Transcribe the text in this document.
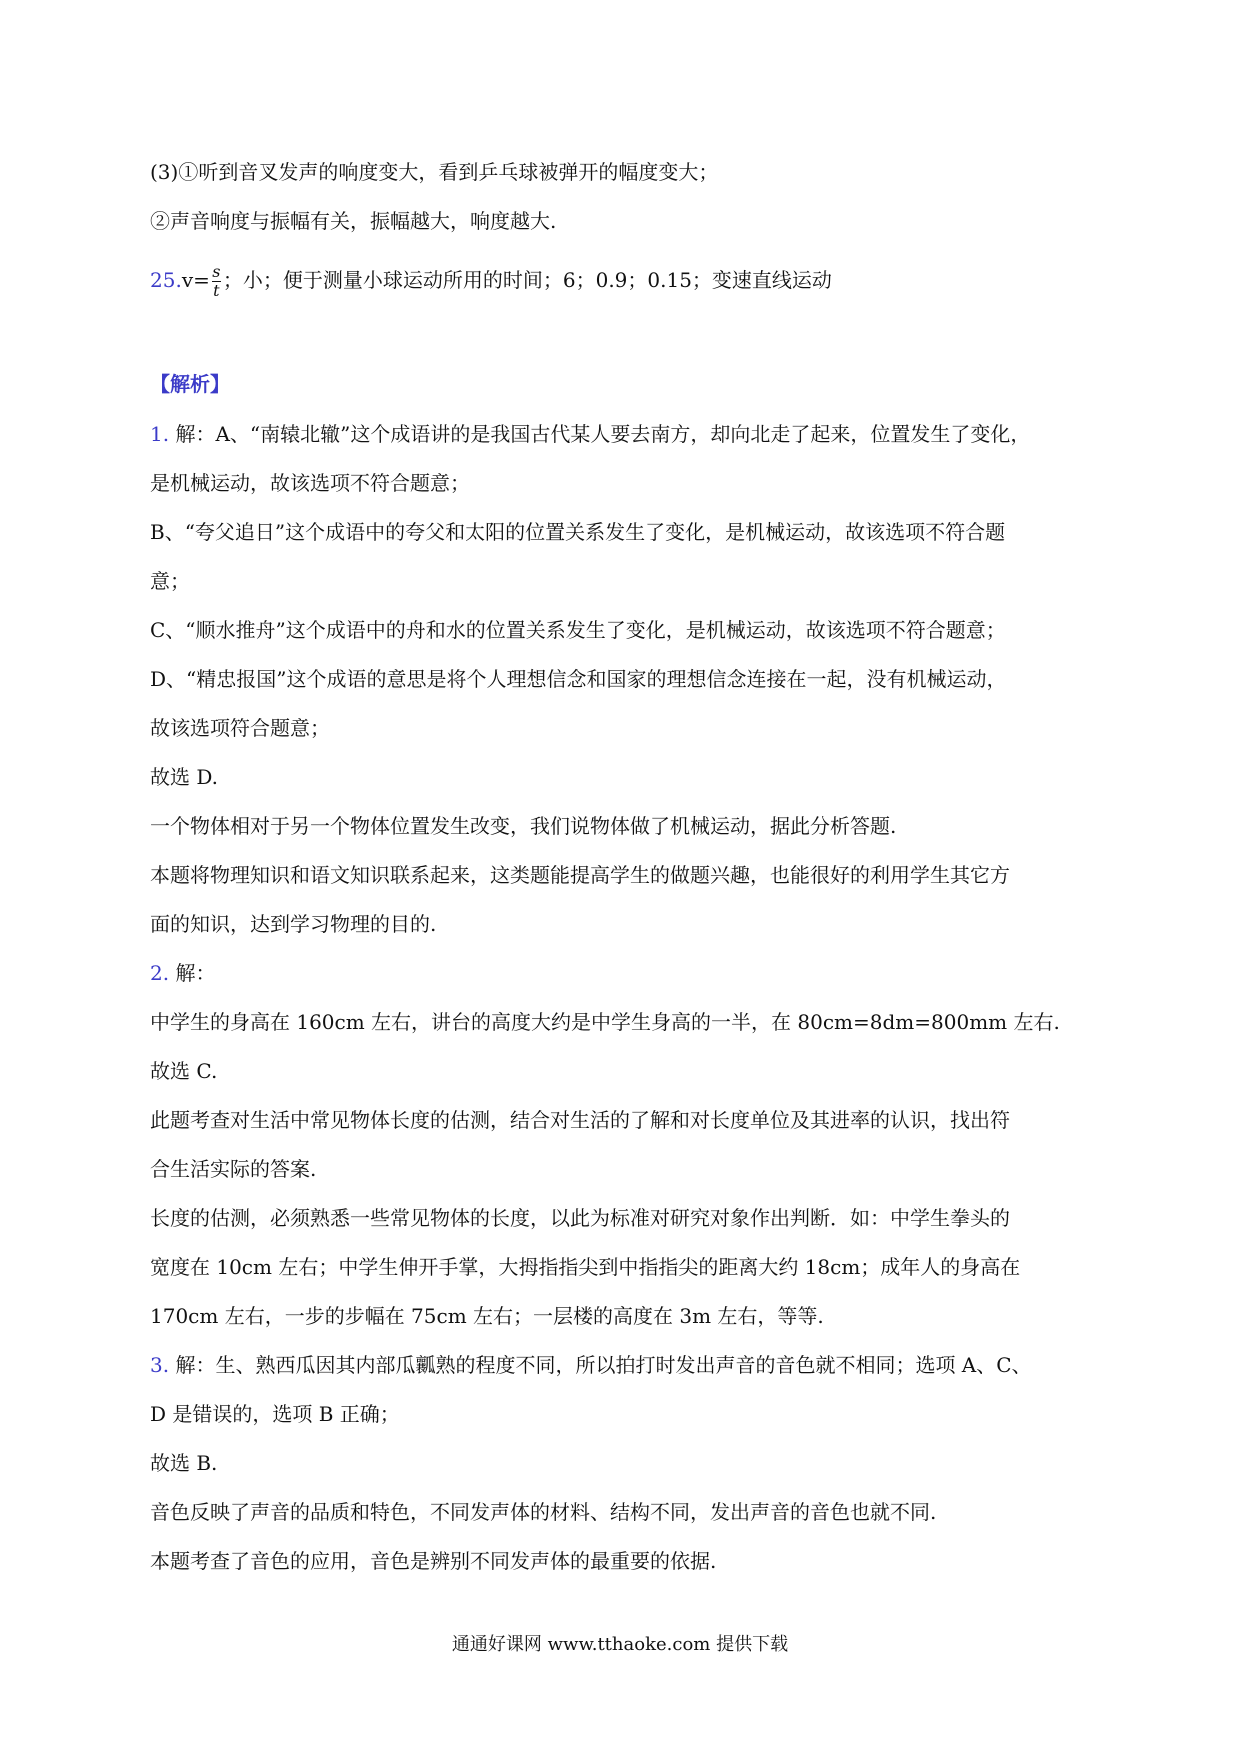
(3)①听到音叉发声的响度变大，看到乒乓球被弹开的幅度变大；
②声音响度与振幅有关，振幅越大，响度越大.
$25.v= \frac{s}{t}$ ；小；便于测量小球运动所用的时间；6；0.9；0.15；变速直线运动
【解析】
1. 解：A、“南辕北辙”这个成语讲的是我国古代某人要去南方，却向北走了起来，位置发生了变化，
是机械运动，故该选项不符合题意；
B、“夸父追日”这个成语中的夸父和太阳的位置关系发生了变化，是机械运动，故该选项不符合题
意；
C、“顺水推舟”这个成语中的舟和水的位置关系发生了变化，是机械运动，故该选项不符合题意；
D、“精忠报国”这个成语的意思是将个人理想信念和国家的理想信念连接在一起，没有机械运动，
故该选项符合题意；
故选 D.
一个物体相对于另一个物体位置发生改变，我们说物体做了机械运动，据此分析答题.
本题将物理知识和语文知识联系起来，这类题能提高学生的做题兴趣，也能很好的利用学生其它方
面的知识，达到学习物理的目的.
2. 解：
中学生的身高在 160cm 左右，讲台的高度大约是中学生身高的一半，在 80cm=8dm=800mm 左右.
故选 C.
此题考查对生活中常见物体长度的估测，结合对生活的了解和对长度单位及其进率的认识，找出符
合生活实际的答案.
长度的估测，必须熟悉一些常见物体的长度，以此为标准对研究对象作出判断．如：中学生拳头的
宽度在 10cm 左右；中学生伸开手掌，大拇指指尖到中指指尖的距离大约 18cm；成年人的身高在
170cm 左右，一步的步幅在 75cm 左右；一层楼的高度在 3m 左右，等等.
3. 解：生、熟西瓜因其内部瓜瓤熟的程度不同，所以拍打时发出声音的音色就不相同；选项 A、C、
D 是错误的，选项 B 正确；
故选 B.
音色反映了声音的品质和特色，不同发声体的材料、结构不同，发出声音的音色也就不同.
本题考查了音色的应用，音色是辨别不同发声体的最重要的依据.
通通好课网 www.tthaoke.com 提供下载
